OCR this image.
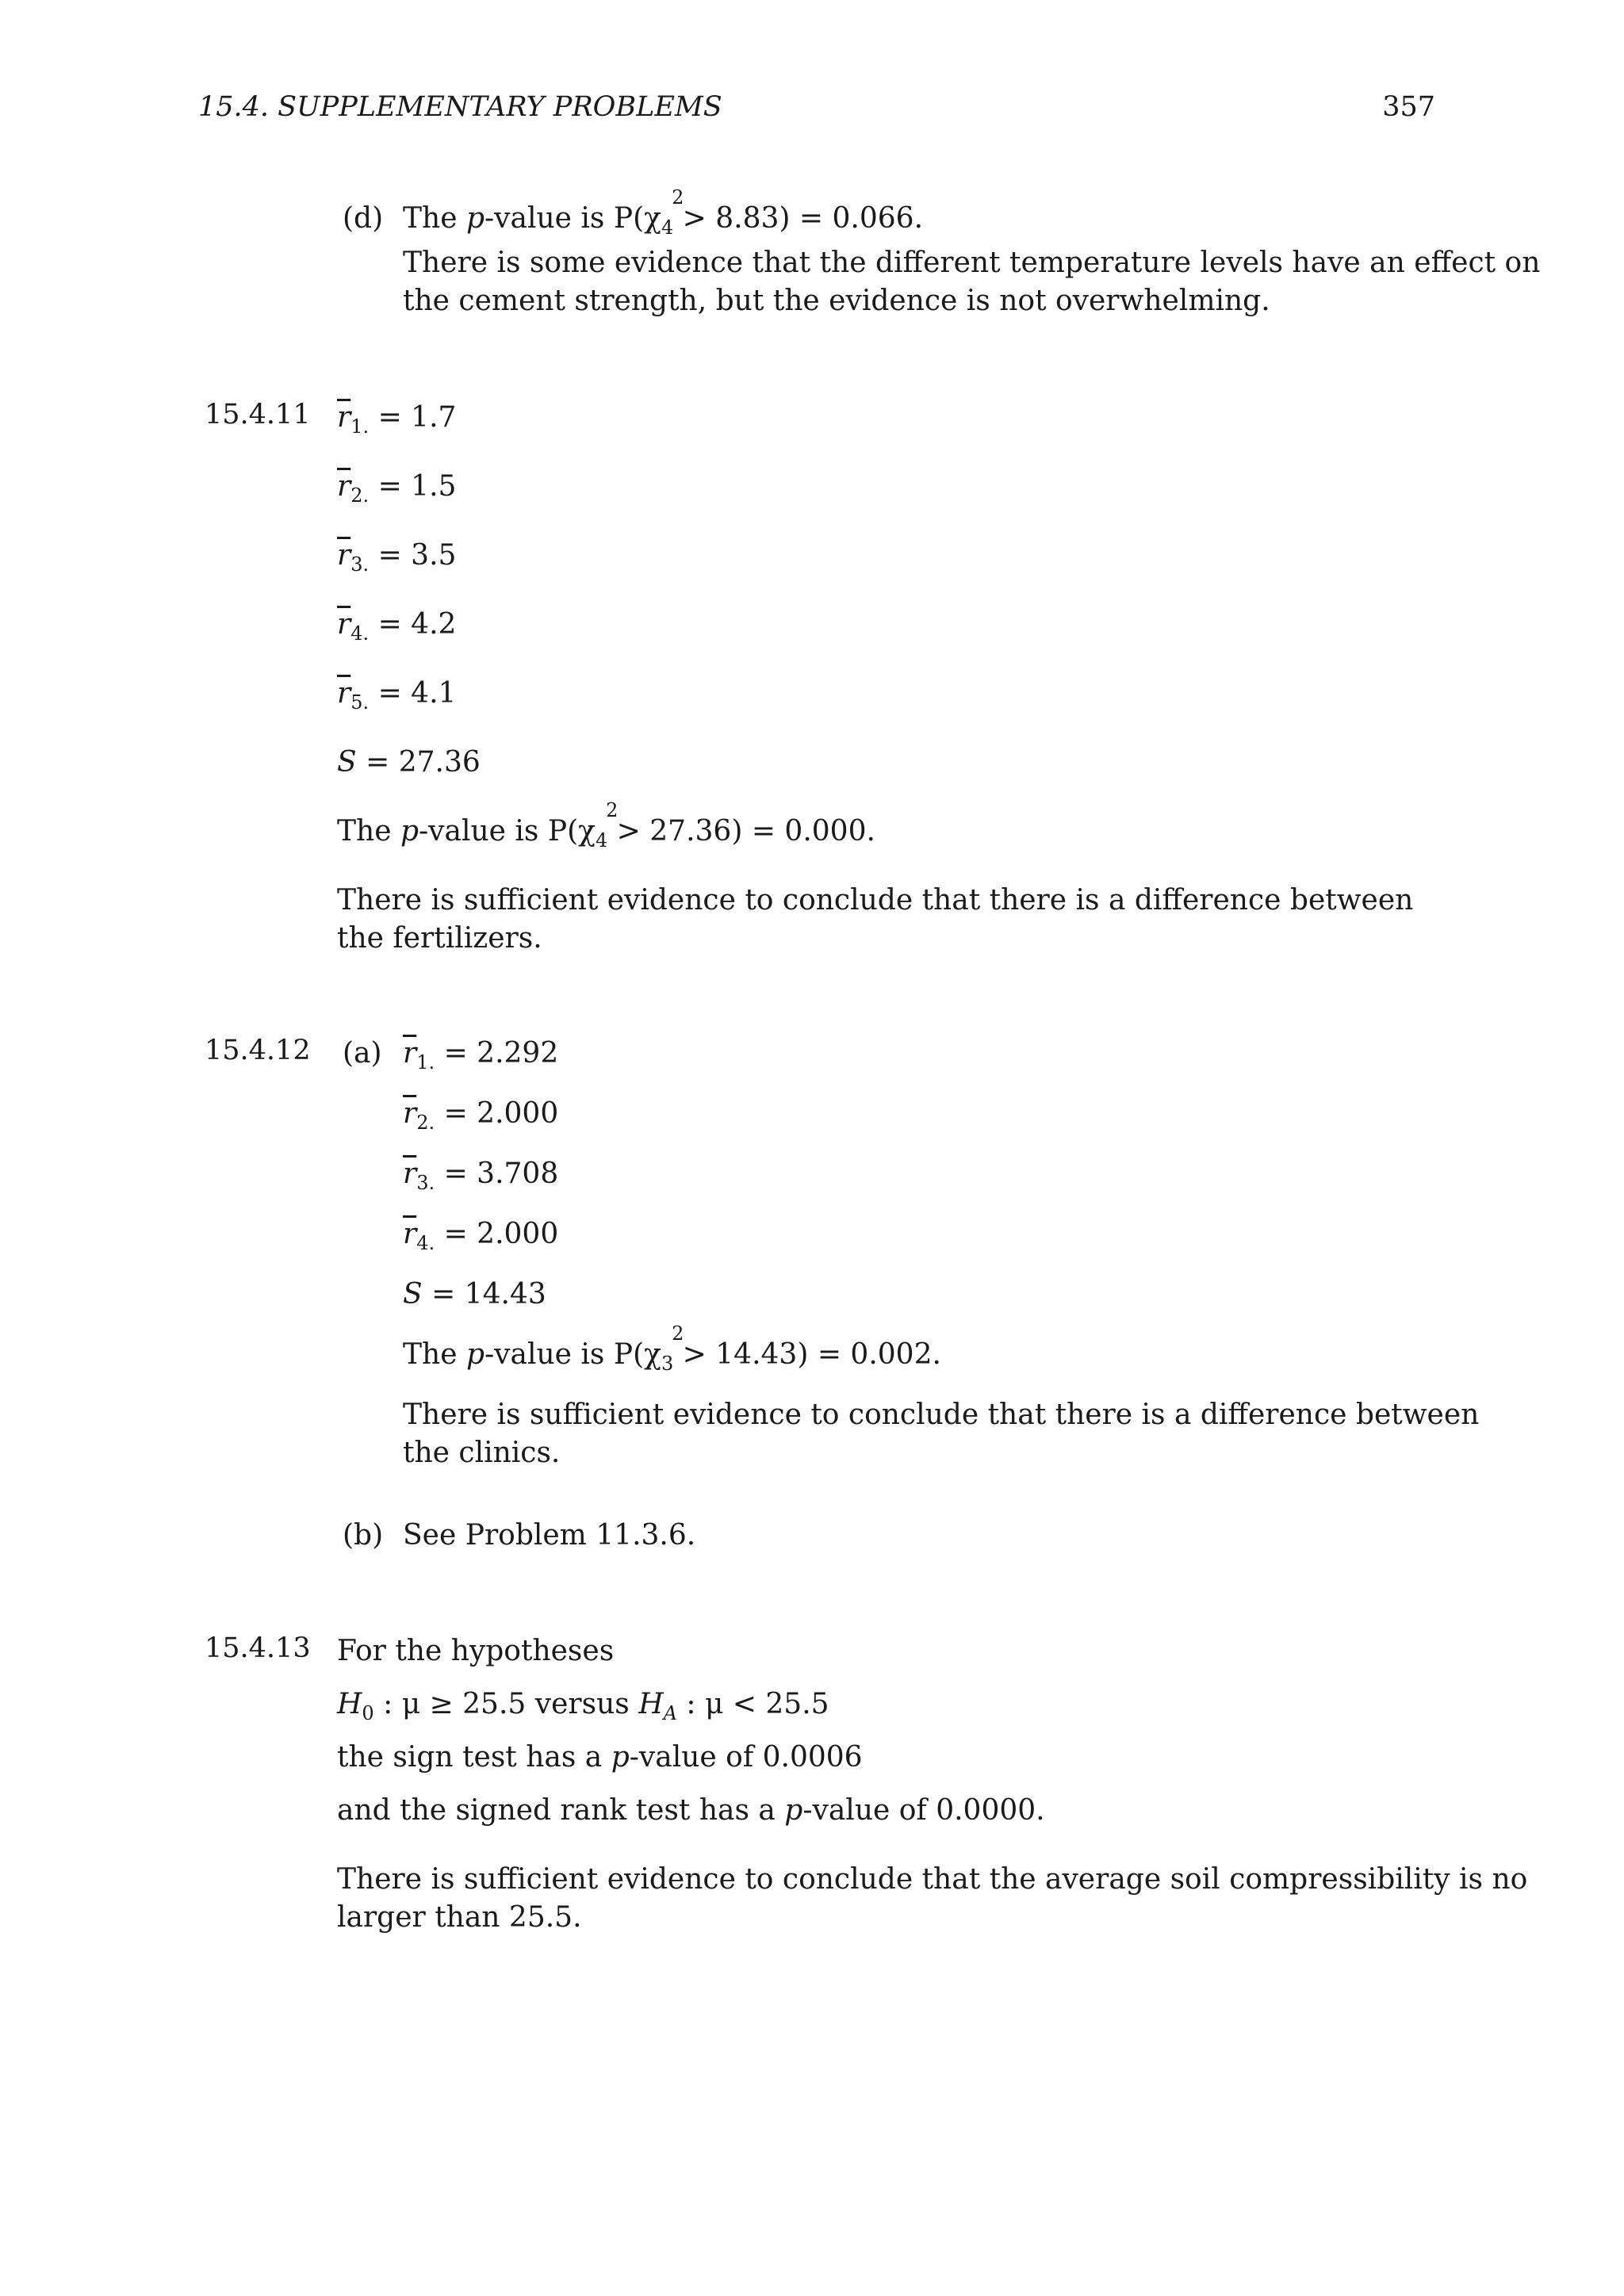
15.4. SUPPLEMENTARY PROBLEMS	357
(d) The p-value is P(χ
2
$_4$ > 8.83) = 0.066.
There is some evidence that the different temperature levels have an effect on
the cement strength, but the evidence is not overwhelming.
15.4.11 $\overline{r}_{1.} = 1.7$
$\overline{r}_{2.} = 1.5$
$\overline{r}_{3.} = 3.5$
$\overline{r}_{4.} = 4.2$
$\overline{r}_{5.} = 4.1$
S = 27.36
The p-value is P(χ
2
$_4$ > 27.36) = 0.000.
There is sufficient evidence to conclude that there is a difference between
the fertilizers.
15.4.12 (a) $\overline{r}_{1.} = 2.292$
$\overline{r}_{2.} = 2.000$
$\overline{r}_{3.} = 3.708$
$\overline{r}_{4.} = 2.000$
S = 14.43
The p-value is P(χ
2
$_3$ > 14.43) = 0.002.
There is sufficient evidence to conclude that there is a difference between
the clinics.
(b) See Problem 11.3.6.
15.4.13 For the hypotheses
$H_0$ : μ ≥ 25.5 versus $H_A$ : μ < 25.5
the sign test has a p-value of 0.0006
and the signed rank test has a p-value of 0.0000.
There is sufficient evidence to conclude that the average soil compressibility is no
larger than 25.5.
